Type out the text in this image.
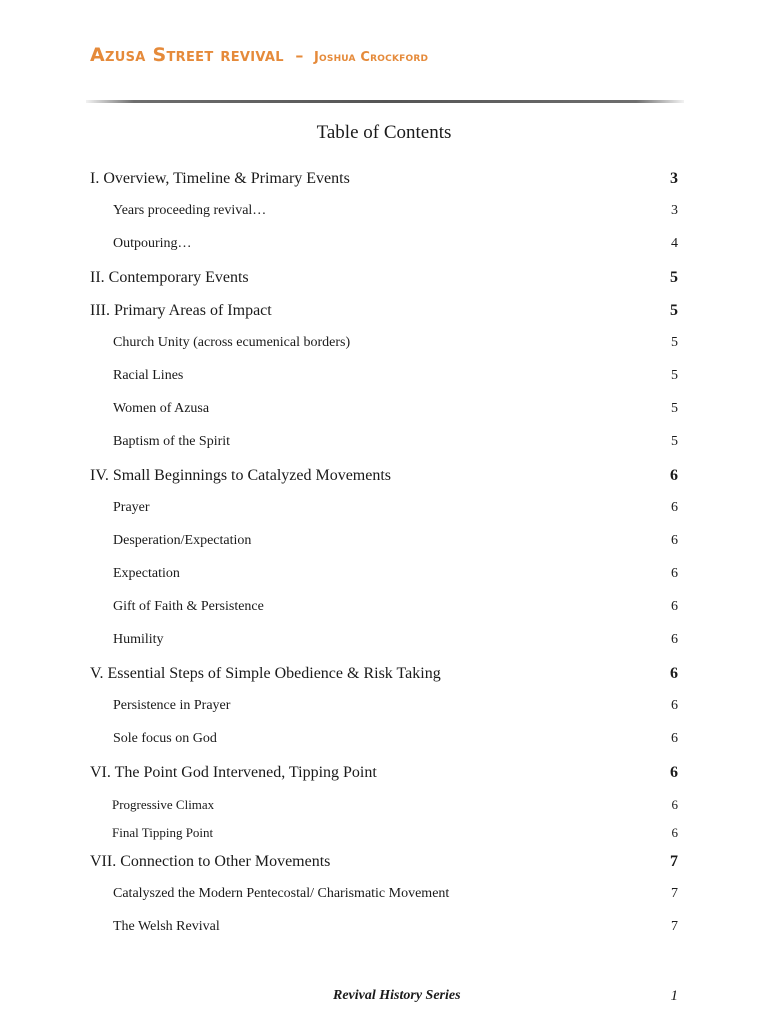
Azusa Street revival – Joshua Crockford
Table of Contents
I. Overview, Timeline & Primary Events	3
Years proceeding revival…	3
Outpouring…	4
II. Contemporary Events	5
III. Primary Areas of Impact	5
Church Unity (across ecumenical borders)	5
Racial Lines	5
Women of Azusa	5
Baptism of the Spirit	5
IV. Small Beginnings to Catalyzed Movements	6
Prayer	6
Desperation/Expectation	6
Expectation	6
Gift of Faith & Persistence	6
Humility	6
V. Essential Steps of Simple Obedience & Risk Taking	6
Persistence in Prayer	6
Sole focus on God	6
VI. The Point God Intervened, Tipping Point	6
Progressive Climax	6
Final Tipping Point	6
VII. Connection to Other Movements	7
Catalyszed the Modern Pentecostal/ Charismatic Movement	7
The Welsh Revival	7
Revival History Series	1
